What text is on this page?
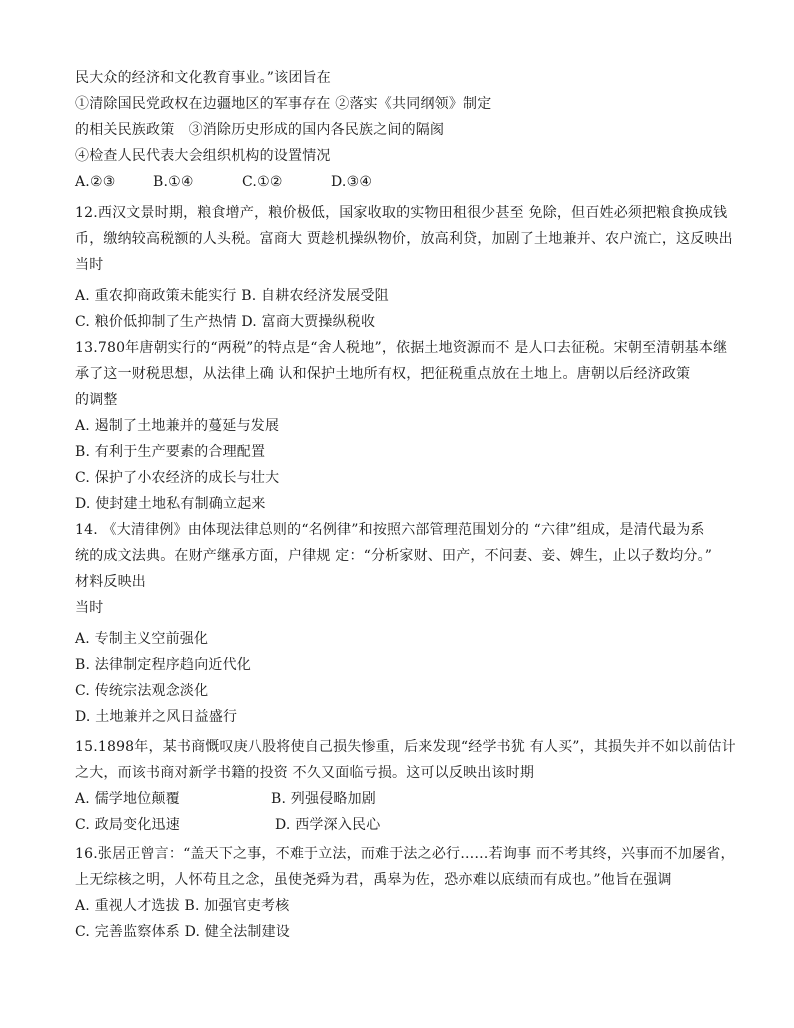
民大众的经济和文化教育事业。”该团旨在
①清除国民党政权在边疆地区的军事存在 ②落实《共同纲领》制定
的相关民族政策　③消除历史形成的国内各民族之间的隔阂
④检查人民代表大会组织机构的设置情况
A.②③	B.①④	C.①②	D.③④
12.西汉文景时期，粮食增产，粮价极低，国家收取的实物田租很少甚至 免除，但百姓必须把粮食换成钱
币，缴纳较高税额的人头税。富商大 贾趁机操纵物价，放高利贷，加剧了土地兼并、农户流亡，这反映出
当时
A. 重农抑商政策未能实行 B. 自耕农经济发展受阻
C. 粮价低抑制了生产热情 D. 富商大贾操纵税收
13.780年唐朝实行的“两税”的特点是“舍人税地”，依据土地资源而不 是人口去征税。宋朝至清朝基本继
承了这一财税思想，从法律上确 认和保护土地所有权，把征税重点放在土地上。唐朝以后经济政策
的调整
A. 遏制了土地兼并的蔓延与发展
B. 有利于生产要素的合理配置
C. 保护了小农经济的成长与壮大
D. 使封建土地私有制确立起来
14. 《大清律例》由体现法律总则的“名例律”和按照六部管理范围划分的 “六律”组成，是清代最为系
统的成文法典。在财产继承方面，户律规 定：“分析家财、田产，不问妻、妾、婢生，止以子数均分。”
材料反映出
当时
A. 专制主义空前强化
B. 法律制定程序趋向近代化
C. 传统宗法观念淡化
D. 土地兼并之风日益盛行
15.1898年，某书商慨叹庚八股将使自己损失惨重，后来发现“经学书犹 有人买”，其损失并不如以前估计
之大，而该书商对新学书籍的投资 不久又面临亏损。这可以反映出该时期
A. 儒学地位颠覆	B. 列强侵略加剧
C. 政局变化迅速	D. 西学深入民心
16.张居正曾言：“盖天下之事，不难于立法，而难于法之必行……若询事 而不考其终，兴事而不加屡省，
上无综核之明，人怀苟且之念，虽使尧舜为君，禹皋为佐，恐亦难以底绩而有成也。”他旨在强调
A. 重视人才选拔 B. 加强官吏考核
C. 完善监察体系 D. 健全法制建设
